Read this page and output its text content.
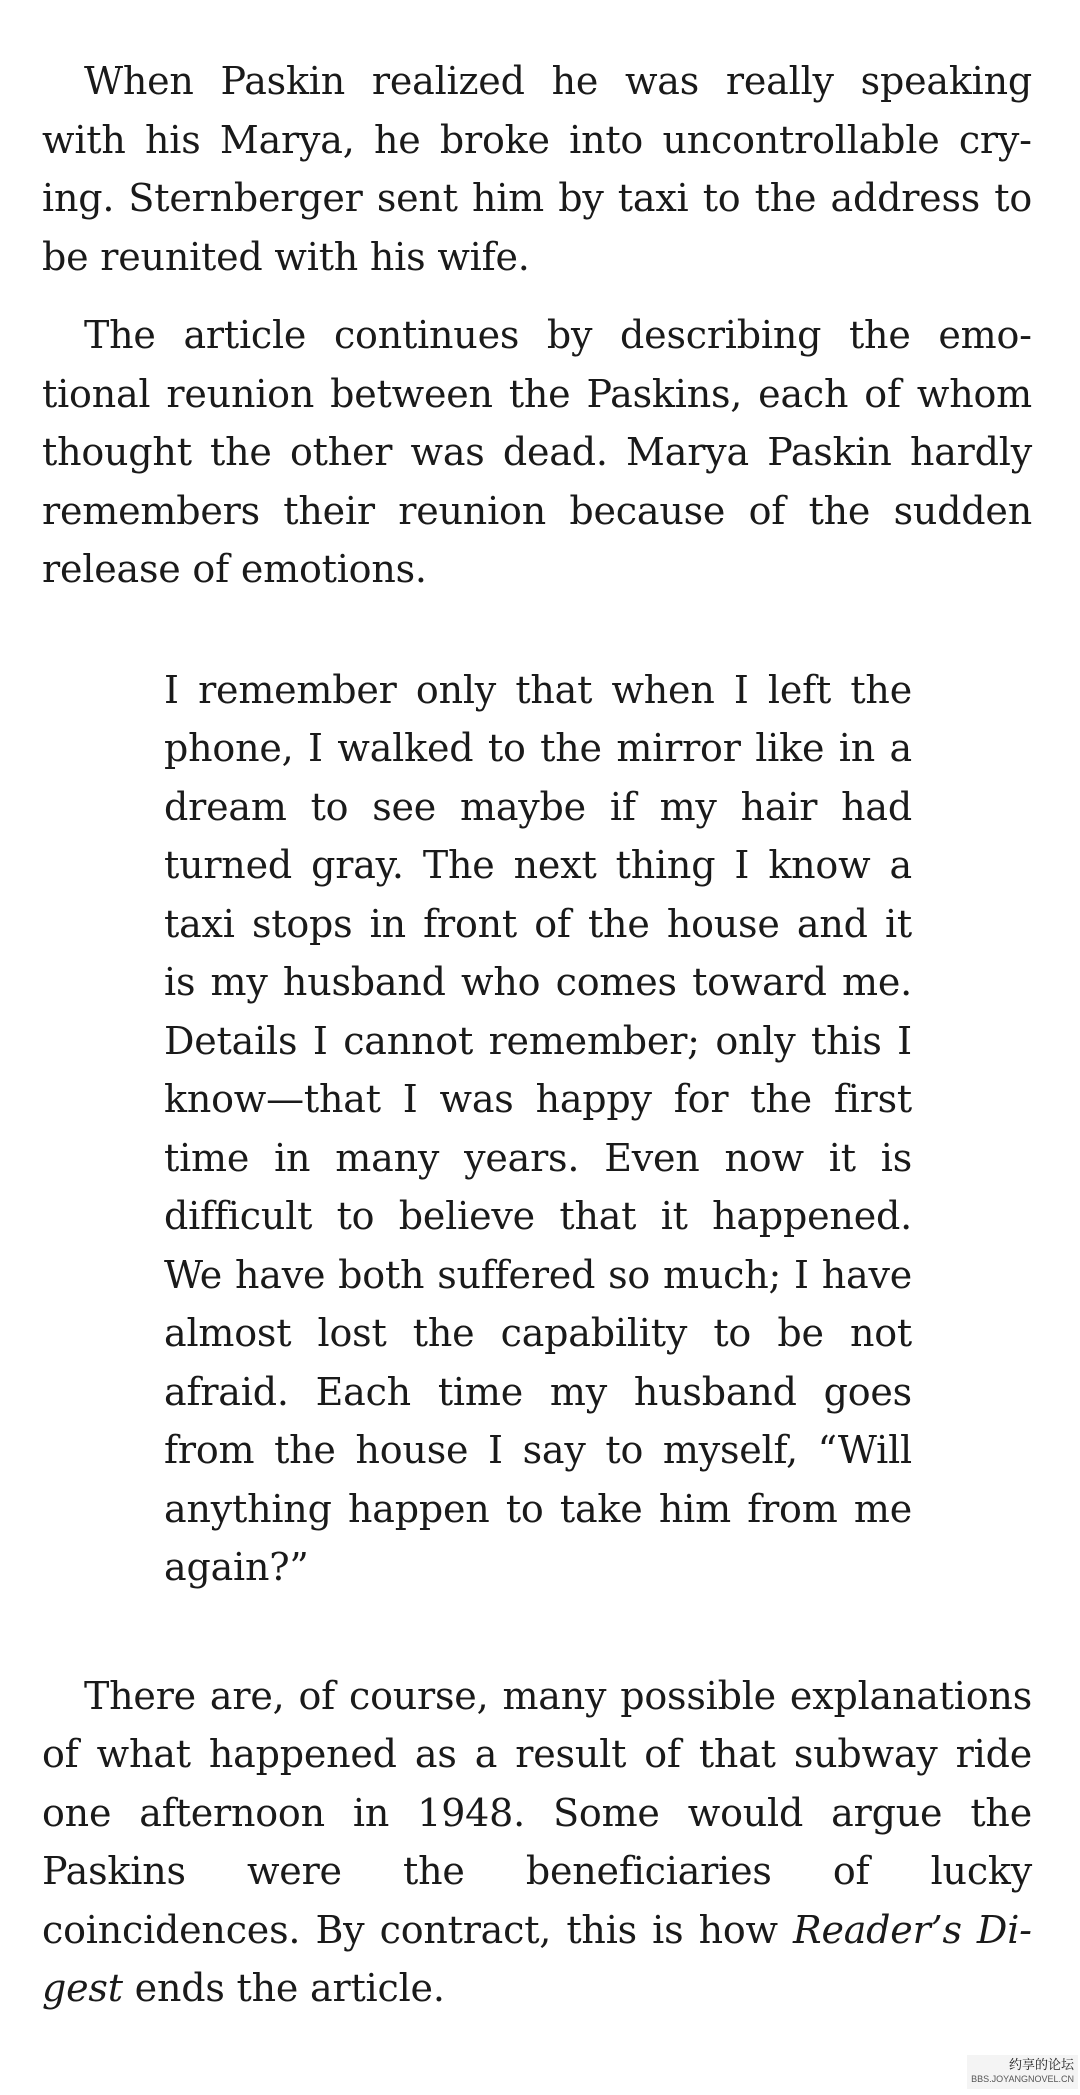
When Paskin realized he was really speaking with his Marya, he broke into uncontrollable crying. Sternberger sent him by taxi to the address to be reunited with his wife.

The article continues by describing the emotional reunion between the Paskins, each of whom thought the other was dead. Marya Paskin hardly remembers their reunion because of the sudden release of emotions.

I remember only that when I left the phone, I walked to the mirror like in a dream to see maybe if my hair had turned gray. The next thing I know a taxi stops in front of the house and it is my husband who comes toward me. Details I cannot remember; only this I know—that I was happy for the first time in many years. Even now it is difficult to believe that it happened. We have both suffered so much; I have almost lost the capability to be not afraid. Each time my husband goes from the house I say to myself, “Will anything happen to take him from me again?”

There are, of course, many possible explanations of what happened as a result of that subway ride one afternoon in 1948. Some would argue the Paskins were the beneficiaries of lucky coincidences. By contract, this is how Reader’s Digest ends the article.

约享的论坛
BBS.JOYANGNOVEL.CN
